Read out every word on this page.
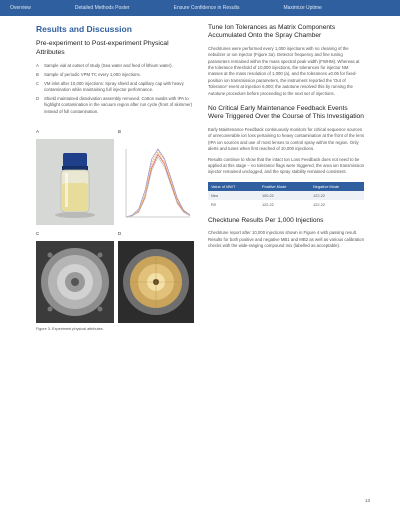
Overview	Detailed Methods Poster	Ensure Confidence in Results	Maximize Uptime
Results and Discussion
Pre-experiment to Post-experiment Physical Attributes
A	Sample vial at outset of study (Sea water and feed of lithium water).
B	Sample of periodic VPM TC every 1,000 injections.
C	VM inlet after 10,000 injections: Spray shield and capillary cap with heavy contamination while maintaining full injector performance.
D	Shield maintained dissolvation assembly removed. Cotton swabs with IPA to highlight contamination in the vacuum region after run cycle (front of skimmer) instead of full contamination.
A	B
C	D
Figure 3. Experiment physical attributes.
Tune Ion Tolerances as Matrix Components Accumulated Onto the Spray Chamber
Checktunes were performed every 1,000 injections with no cleaning of the nebulizer or ion injector (Figure 3a). Detector frequency and fine tuning parameters remained within the mass spectral peak width (FWHM). Whereas at the tolerance threshold of 10,000 injections, the tolerances for injector NM masses at the mass resolution of 1,000 (a), and the tolerances ±0.06 for fixed-position ion transmission parameters, the instrument reported the 'Out of Tolerance' event at injection 6,000; the autotune resolved this by running the Autotune procedure before proceeding to the next set of injections.
No Critical Early Maintenance Feedback Events Were Triggered Over the Course of This Investigation
Early Maintenance Feedback continuously monitors for critical sequence sources of unrecoverable ion loss pertaining to heavy contamination at the front of the lens (IPA ion sources and use of most lenses to control spray within the region. Only alerts and tunes when first reached of 10,000 injections.
Results continue to show that the intact Ion Loss Feedback does not need to be applied at this stage – no tolerance flags were triggered, the area ion transmission injector remained unclogged, and the spray stability remained consistent.
Value of MWT	Positive Mode	Negative Mode
Neu	100.22	122.22
RX	122.22	122.22
Checktune Results Per 1,000 Injections
Checktune report after 10,000 injections shown in Figure 4 with passing result. Results for both positive and negative MB1 and MB2 as well as various calibration checks with the wide-ranging compound mix (labelled as acceptable).
13
